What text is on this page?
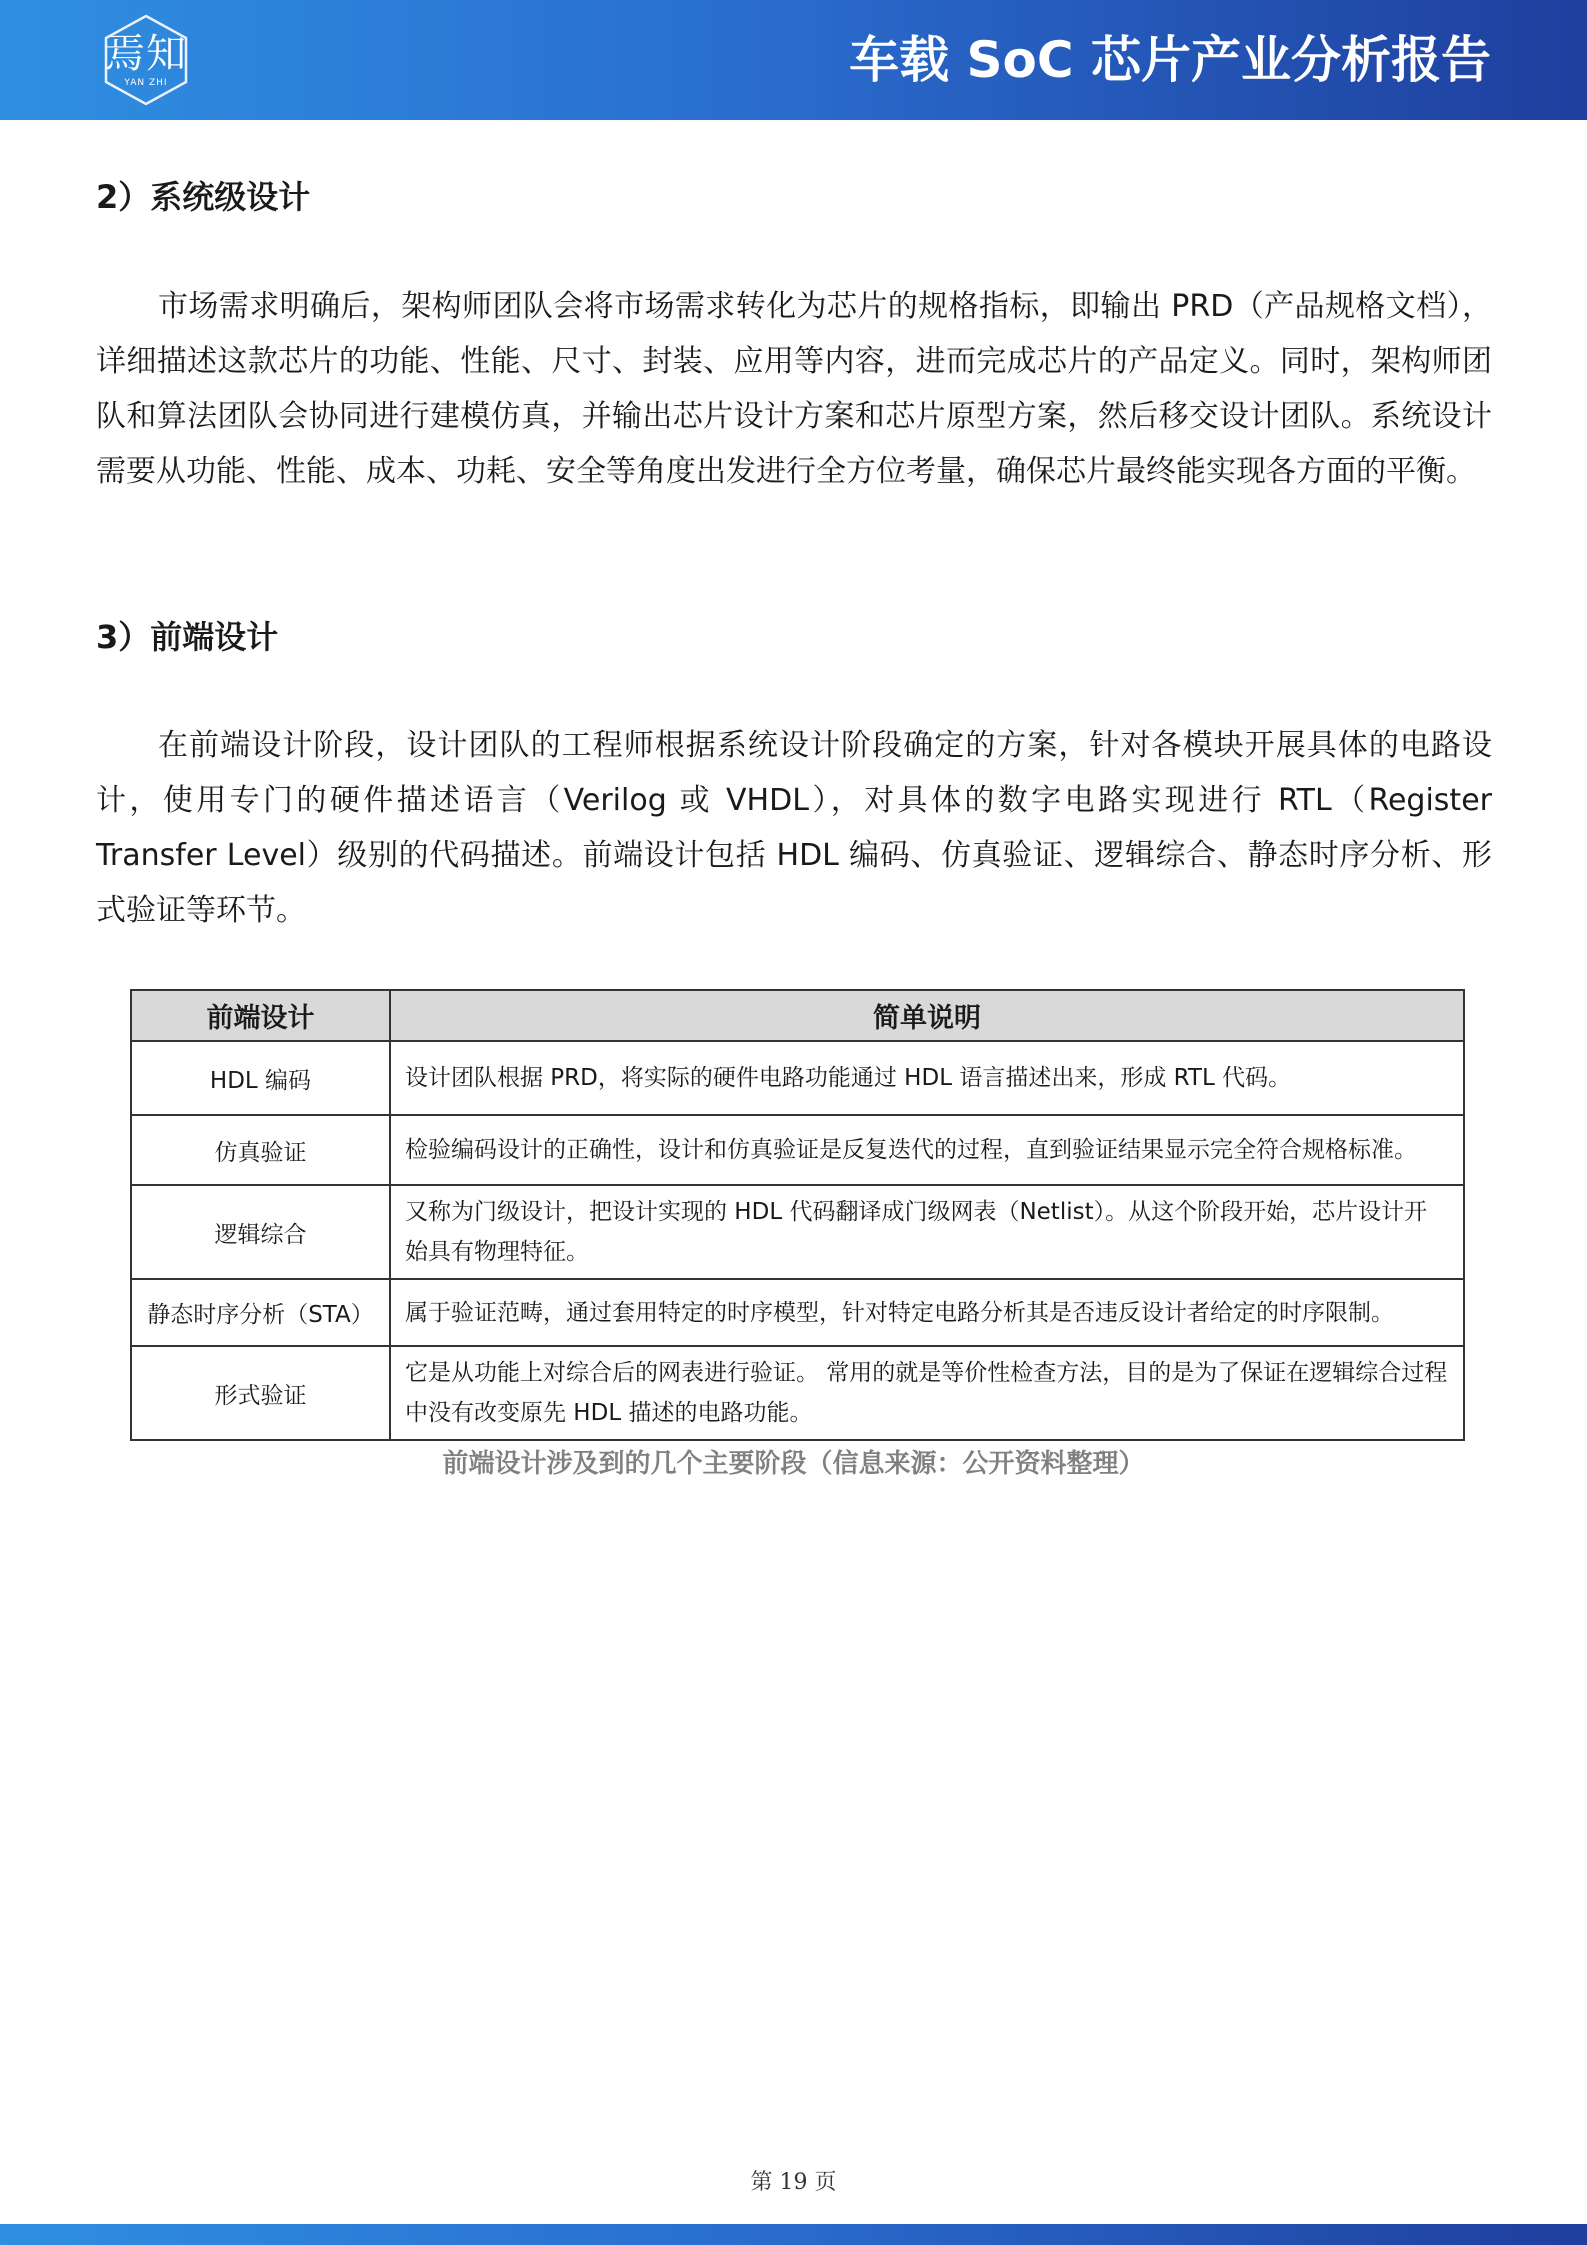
焉知
YAN ZHI	车载 SoC 芯片产业分析报告
2）系统级设计

市场需求明确后，架构师团队会将市场需求转化为芯片的规格指标，即输出 PRD（产品规格文档），详细描述这款芯片的功能、性能、尺寸、封装、应用等内容，进而完成芯片的产品定义。同时，架构师团队和算法团队会协同进行建模仿真，并输出芯片设计方案和芯片原型方案，然后移交设计团队。系统设计需要从功能、性能、成本、功耗、安全等角度出发进行全方位考量，确保芯片最终能实现各方面的平衡。

3）前端设计

在前端设计阶段，设计团队的工程师根据系统设计阶段确定的方案，针对各模块开展具体的电路设计，使用专门的硬件描述语言（Verilog 或 VHDL），对具体的数字电路实现进行 RTL（Register Transfer Level）级别的代码描述。前端设计包括 HDL 编码、仿真验证、逻辑综合、静态时序分析、形式验证等环节。

前端设计	简单说明
HDL 编码	设计团队根据 PRD，将实际的硬件电路功能通过 HDL 语言描述出来，形成 RTL 代码。
仿真验证	检验编码设计的正确性，设计和仿真验证是反复迭代的过程，直到验证结果显示完全符合规格标准。
逻辑综合	又称为门级设计，把设计实现的 HDL 代码翻译成门级网表（Netlist）。从这个阶段开始，芯片设计开始具有物理特征。
静态时序分析（STA）	属于验证范畴，通过套用特定的时序模型，针对特定电路分析其是否违反设计者给定的时序限制。
形式验证	它是从功能上对综合后的网表进行验证。 常用的就是等价性检查方法，目的是为了保证在逻辑综合过程中没有改变原先 HDL 描述的电路功能。
前端设计涉及到的几个主要阶段（信息来源：公开资料整理）
第 19 页
